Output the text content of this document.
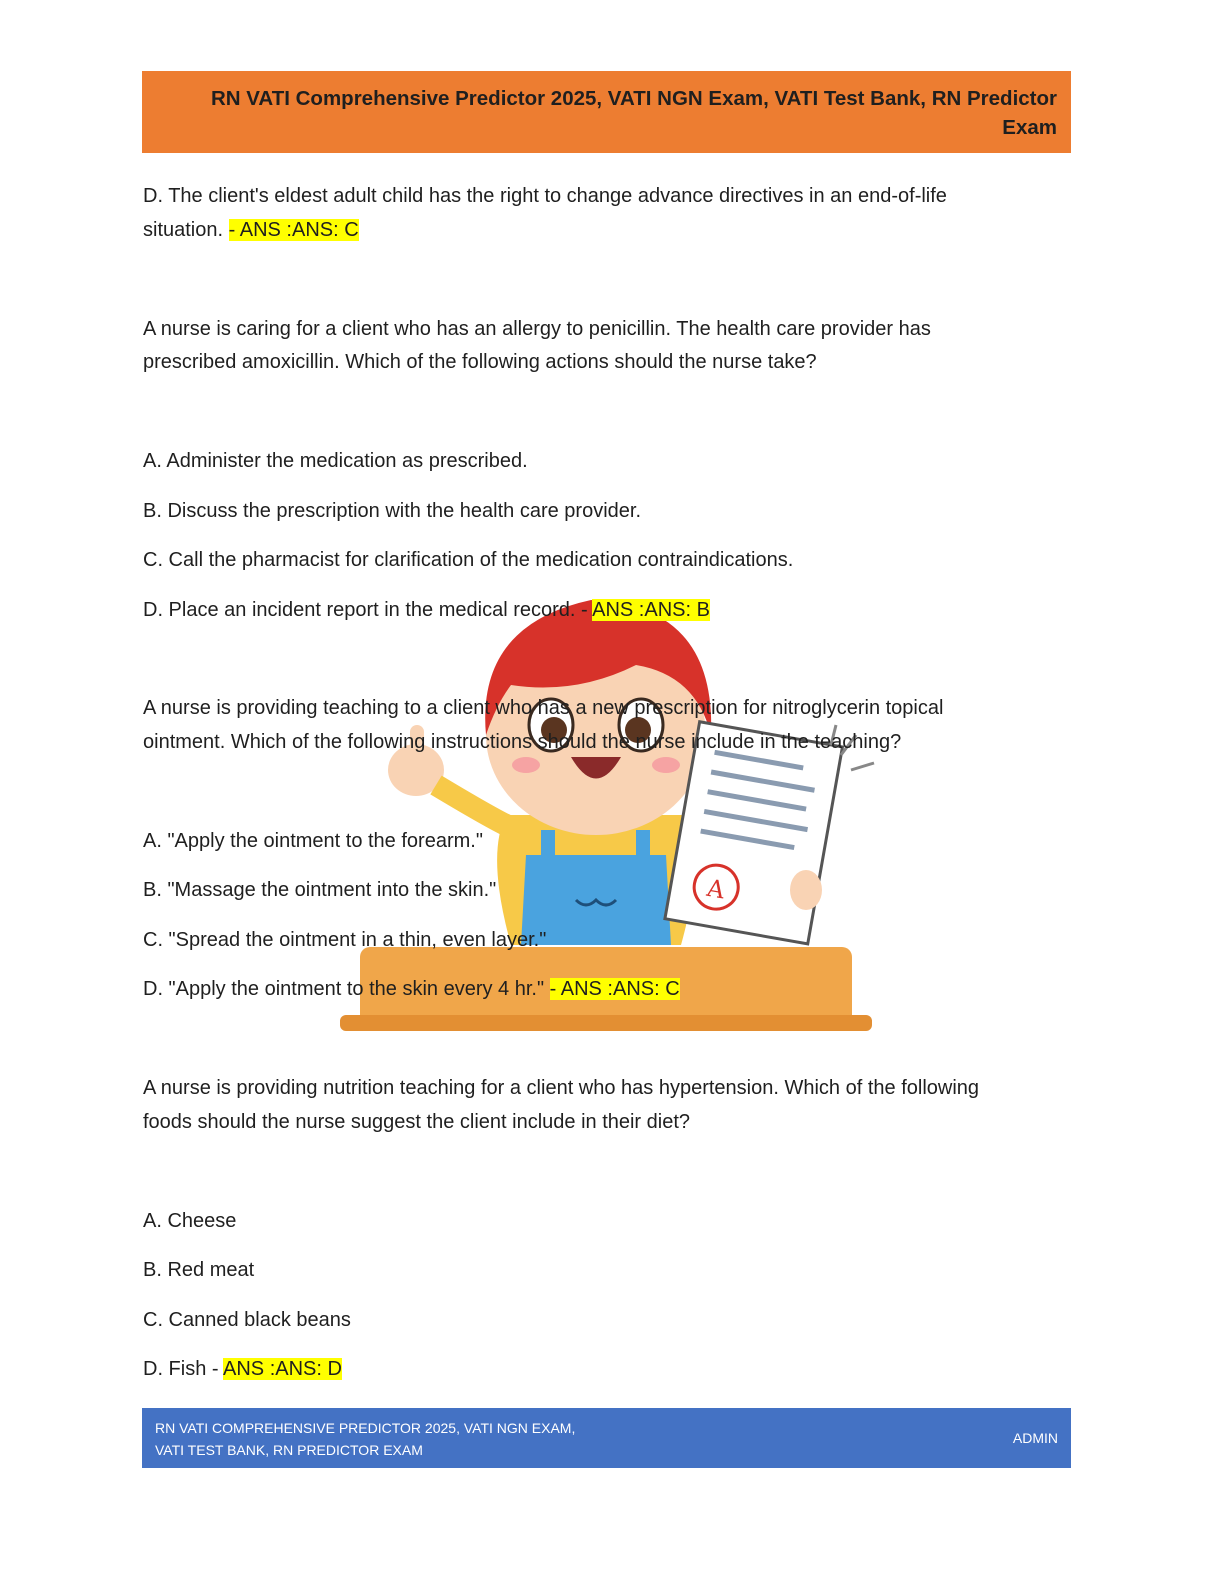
RN VATI Comprehensive Predictor 2025, VATI NGN Exam, VATI Test Bank, RN Predictor
Exam
A
D. The client's eldest adult child has the right to change advance directives in an end-of-life
situation. - ANS :ANS: C
A nurse is caring for a client who has an allergy to penicillin. The health care provider has
prescribed amoxicillin. Which of the following actions should the nurse take?
A. Administer the medication as prescribed.
B. Discuss the prescription with the health care provider.
C. Call the pharmacist for clarification of the medication contraindications.
D. Place an incident report in the medical record. - ANS :ANS: B
A nurse is providing teaching to a client who has a new prescription for nitroglycerin topical
ointment. Which of the following instructions should the nurse include in the teaching?
A. "Apply the ointment to the forearm."
B. "Massage the ointment into the skin."
C. "Spread the ointment in a thin, even layer."
D. "Apply the ointment to the skin every 4 hr." - ANS :ANS: C
A nurse is providing nutrition teaching for a client who has hypertension. Which of the following
foods should the nurse suggest the client include in their diet?
A. Cheese
B. Red meat
C. Canned black beans
D. Fish - ANS :ANS: D
RN VATI COMPREHENSIVE PREDICTOR 2025, VATI NGN EXAM,
VATI TEST BANK, RN PREDICTOR EXAM
ADMIN
